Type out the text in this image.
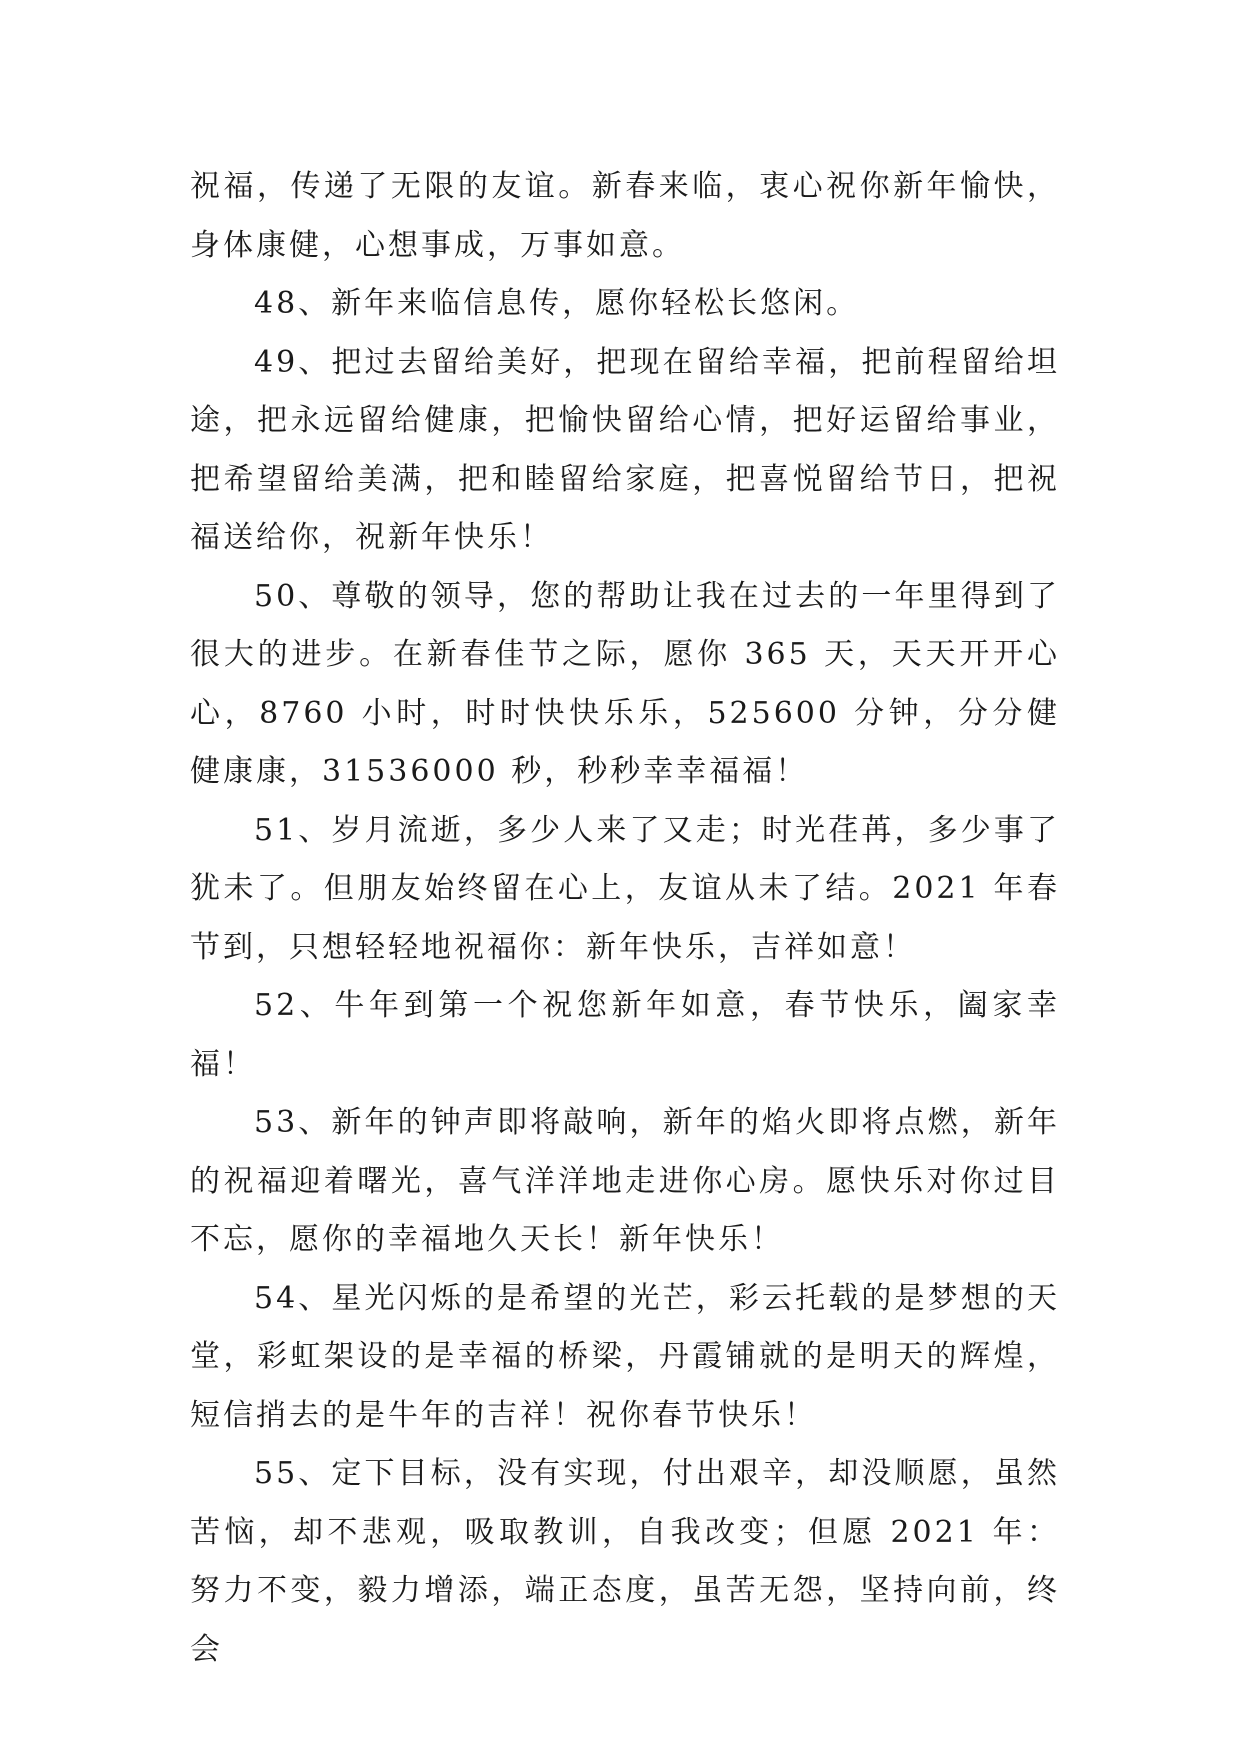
祝福，传递了无限的友谊。新春来临，衷心祝你新年愉快，身体康健，心想事成，万事如意。

48、新年来临信息传，愿你轻松长悠闲。

49、把过去留给美好，把现在留给幸福，把前程留给坦途，把永远留给健康，把愉快留给心情，把好运留给事业，把希望留给美满，把和睦留给家庭，把喜悦留给节日，把祝福送给你，祝新年快乐！

50、尊敬的领导，您的帮助让我在过去的一年里得到了很大的进步。在新春佳节之际，愿你 365 天，天天开开心心，8760 小时，时时快快乐乐，525600 分钟，分分健健康康，31536000 秒，秒秒幸幸福福！

51、岁月流逝，多少人来了又走；时光荏苒，多少事了犹未了。但朋友始终留在心上，友谊从未了结。2021 年春节到，只想轻轻地祝福你：新年快乐，吉祥如意！

52、牛年到第一个祝您新年如意，春节快乐，阖家幸福！

53、新年的钟声即将敲响，新年的焰火即将点燃，新年的祝福迎着曙光，喜气洋洋地走进你心房。愿快乐对你过目不忘，愿你的幸福地久天长！新年快乐！

54、星光闪烁的是希望的光芒，彩云托载的是梦想的天堂，彩虹架设的是幸福的桥梁，丹霞铺就的是明天的辉煌，短信捎去的是牛年的吉祥！祝你春节快乐！

55、定下目标，没有实现，付出艰辛，却没顺愿，虽然苦恼，却不悲观，吸取教训，自我改变；但愿 2021 年：努力不变，毅力增添，端正态度，虽苦无怨，坚持向前，终会
